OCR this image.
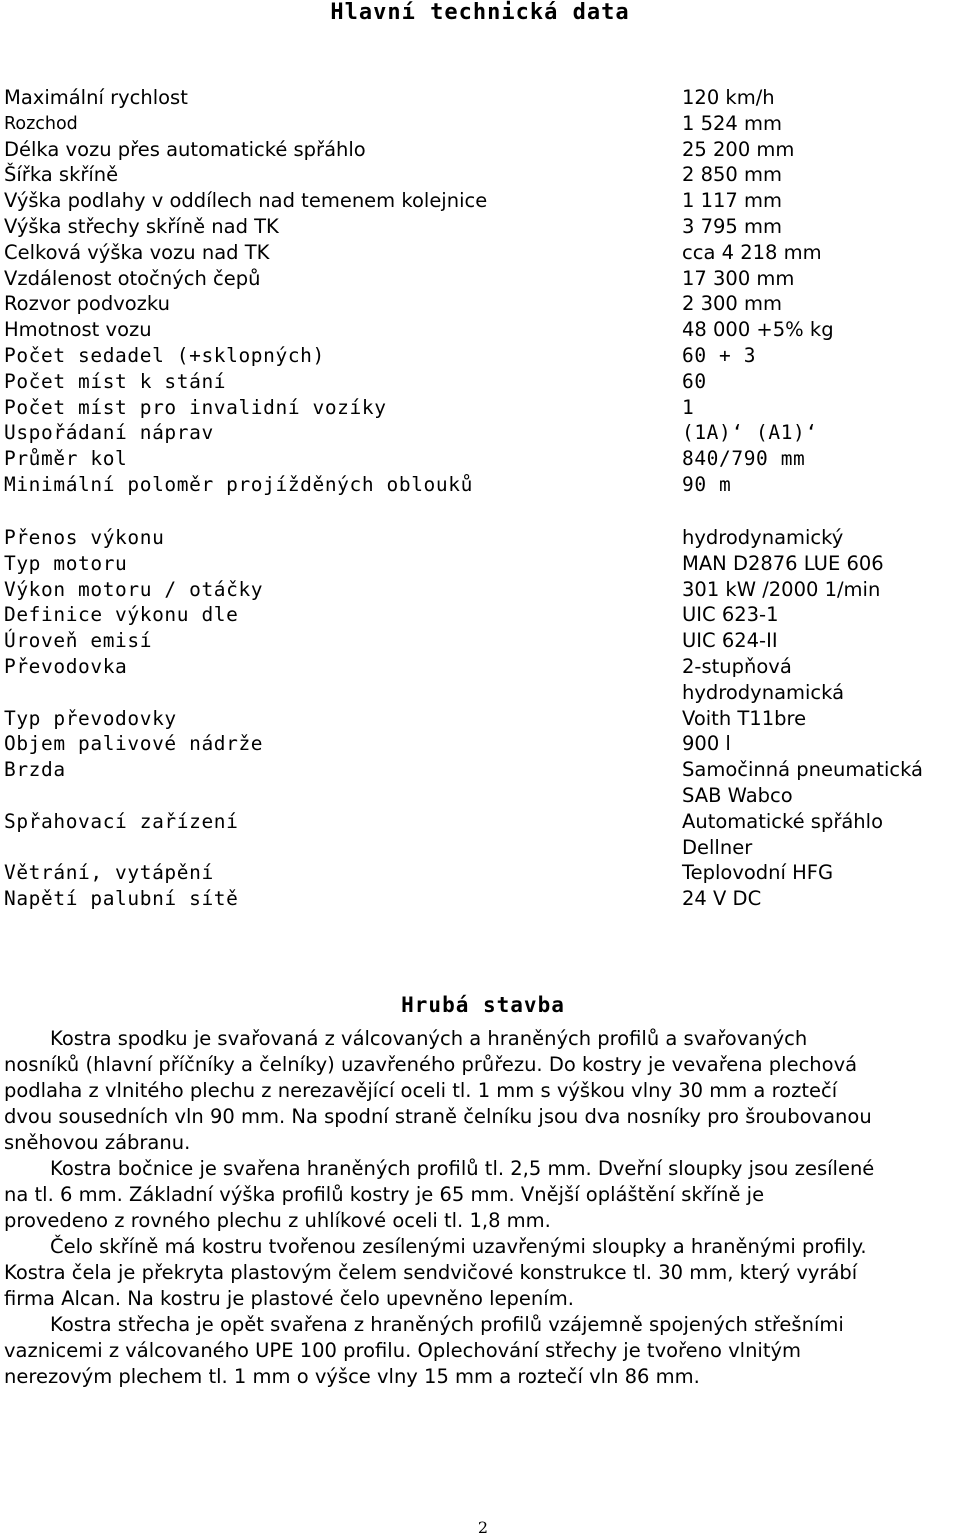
Hlavní technická data
Maximální rychlost	120 km/h
Rozchod	1 524 mm
Délka vozu přes automatické spřáhlo	25 200 mm
Šířka skříně	2 850 mm
Výška podlahy v oddílech nad temenem kolejnice	1 117 mm
Výška střechy skříně nad TK	3 795 mm
Celková výška vozu nad TK	cca 4 218 mm
Vzdálenost otočných čepů	17 300 mm
Rozvor podvozku	2 300 mm
Hmotnost vozu	48 000 +5% kg
Počet sedadel (+sklopných)	60 + 3
Počet míst k stání	60
Počet míst pro invalidní vozíky	1
Uspořádaní náprav	(1A)‘ (A1)‘
Průměr kol	840/790 mm
Minimální poloměr projížděných oblouků	90 m
Přenos výkonu	hydrodynamický
Typ motoru	MAN D2876 LUE 606
Výkon motoru / otáčky	301 kW /2000 1/min
Definice výkonu dle	UIC 623-1
Úroveň emisí	UIC 624-II
Převodovka	2-stupňová
hydrodynamická
Typ převodovky	Voith T11bre
Objem palivové nádrže	900 l
Brzda	Samočinná pneumatická
SAB Wabco
Spřahovací zařízení	Automatické spřáhlo
Dellner
Větrání, vytápění	Teplovodní HFG
Napětí palubní sítě	24 V DC
Hrubá stavba
Kostra spodku je svařovaná z válcovaných a hraněných profilů a svařovaných
nosníků (hlavní příčníky a čelníky) uzavřeného průřezu. Do kostry je vevařena plechová
podlaha z vlnitého plechu z nerezavějící oceli tl. 1 mm s výškou vlny 30 mm a roztečí
dvou sousedních vln 90 mm. Na spodní straně čelníku jsou dva nosníky pro šroubovanou
sněhovou zábranu.
Kostra bočnice je svařena hraněných profilů tl. 2,5 mm. Dveřní sloupky jsou zesílené
na tl. 6 mm. Základní výška profilů kostry je 65 mm. Vnější opláštění skříně je
provedeno z rovného plechu z uhlíkové oceli tl. 1,8 mm.
Čelo skříně má kostru tvořenou zesílenými uzavřenými sloupky a hraněnými profily.
Kostra čela je překryta plastovým čelem sendvičové konstrukce tl. 30 mm, který vyrábí
firma Alcan. Na kostru je plastové čelo upevněno lepením.
Kostra střecha je opět svařena z hraněných profilů vzájemně spojených střešními
vaznicemi z válcovaného UPE 100 profilu. Oplechování střechy je tvořeno vlnitým
nerezovým plechem tl. 1 mm o výšce vlny 15 mm a roztečí vln 86 mm.
2
